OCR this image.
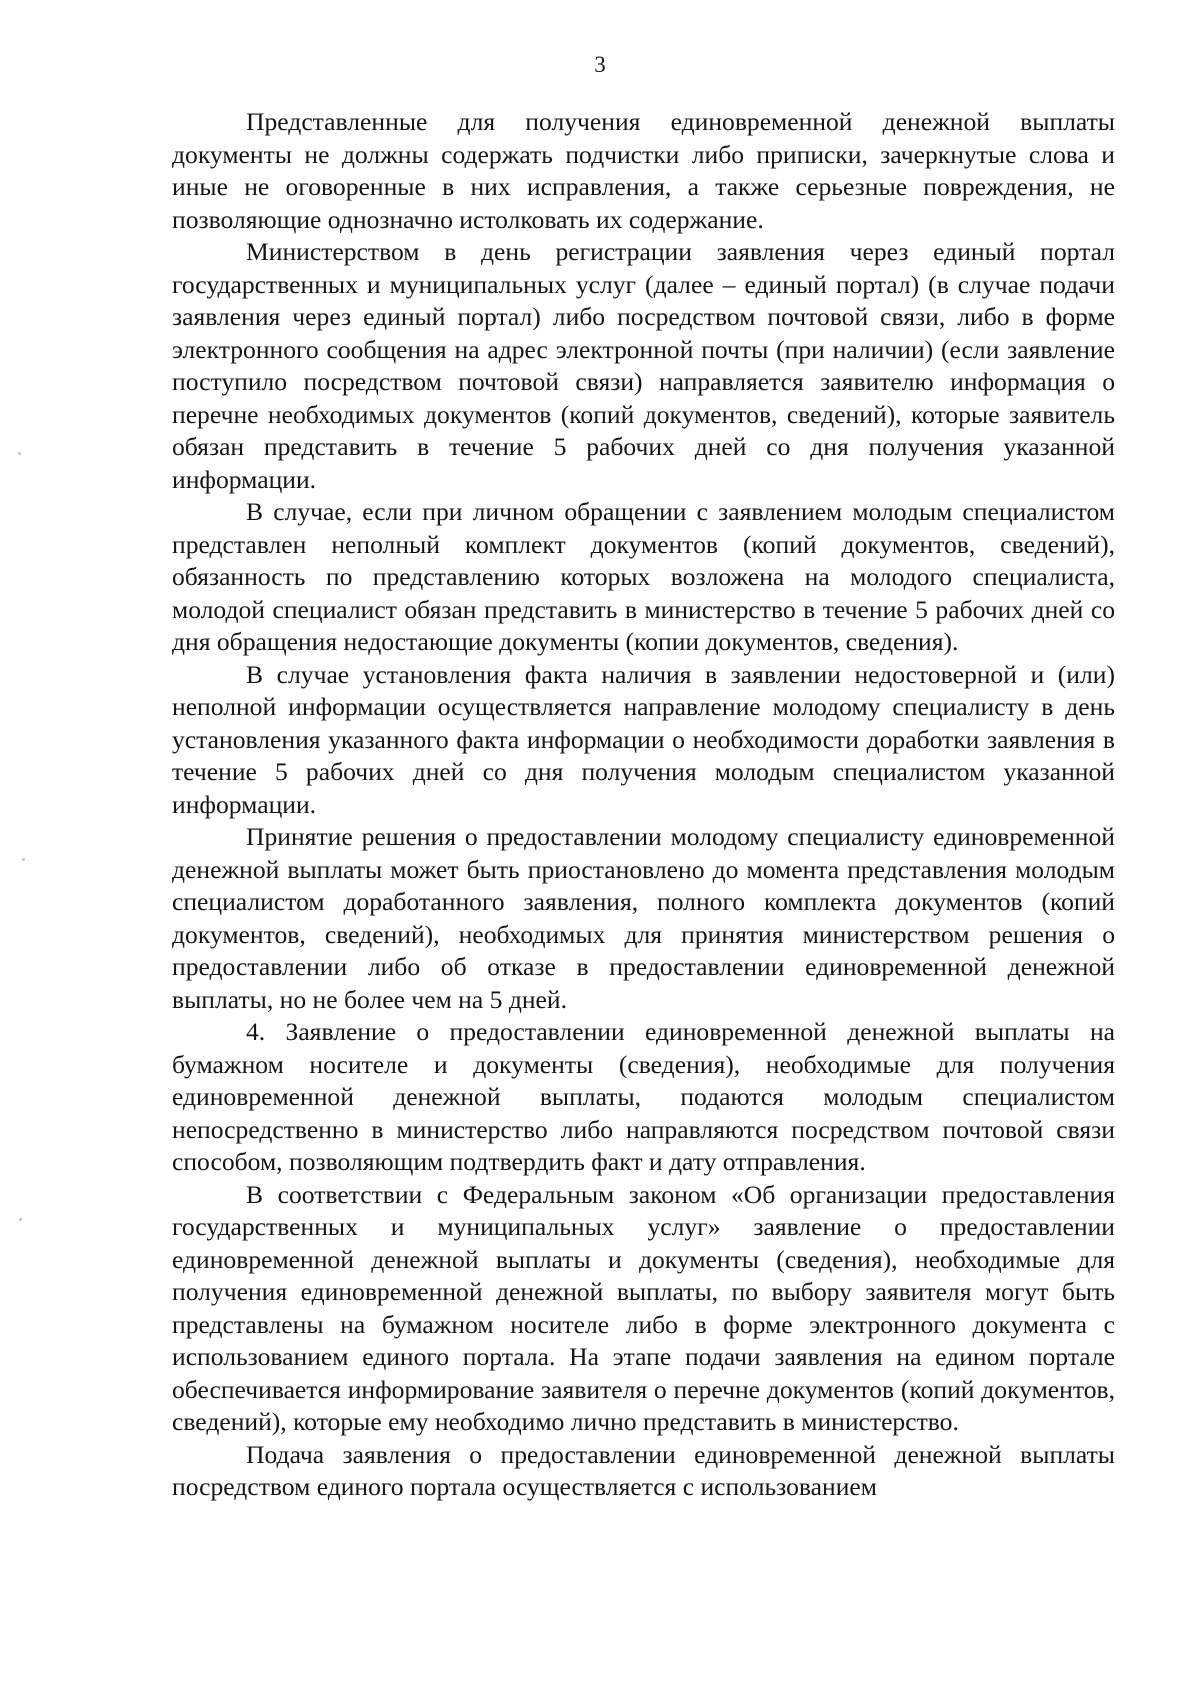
3

Представленные для получения единовременной денежной выплаты документы не должны содержать подчистки либо приписки, зачеркнутые слова и иные не оговоренные в них исправления, а также серьезные повреждения, не позволяющие однозначно истолковать их содержание.

Министерством в день регистрации заявления через единый портал государственных и муниципальных услуг (далее – единый портал) (в случае подачи заявления через единый портал) либо посредством почтовой связи, либо в форме электронного сообщения на адрес электронной почты (при наличии) (если заявление поступило посредством почтовой связи) направляется заявителю информация о перечне необходимых документов (копий документов, сведений), которые заявитель обязан представить в течение 5 рабочих дней со дня получения указанной информации.

В случае, если при личном обращении с заявлением молодым специалистом представлен неполный комплект документов (копий документов, сведений), обязанность по представлению которых возложена на молодого специалиста, молодой специалист обязан представить в министерство в течение 5 рабочих дней со дня обращения недостающие документы (копии документов, сведения).

В случае установления факта наличия в заявлении недостоверной и (или) неполной информации осуществляется направление молодому специалисту в день установления указанного факта информации о необходимости доработки заявления в течение 5 рабочих дней со дня получения молодым специалистом указанной информации.

Принятие решения о предоставлении молодому специалисту единовременной денежной выплаты может быть приостановлено до момента представления молодым специалистом доработанного заявления, полного комплекта документов (копий документов, сведений), необходимых для принятия министерством решения о предоставлении либо об отказе в предоставлении единовременной денежной выплаты, но не более чем на 5 дней.

4. Заявление о предоставлении единовременной денежной выплаты на бумажном носителе и документы (сведения), необходимые для получения единовременной денежной выплаты, подаются молодым специалистом непосредственно в министерство либо направляются посредством почтовой связи способом, позволяющим подтвердить факт и дату отправления.

В соответствии с Федеральным законом «Об организации предоставления государственных и муниципальных услуг» заявление о предоставлении единовременной денежной выплаты и документы (сведения), необходимые для получения единовременной денежной выплаты, по выбору заявителя могут быть представлены на бумажном носителе либо в форме электронного документа с использованием единого портала. На этапе подачи заявления на едином портале обеспечивается информирование заявителя о перечне документов (копий документов, сведений), которые ему необходимо лично представить в министерство.

Подача заявления о предоставлении единовременной денежной выплаты посредством единого портала осуществляется с использованием
